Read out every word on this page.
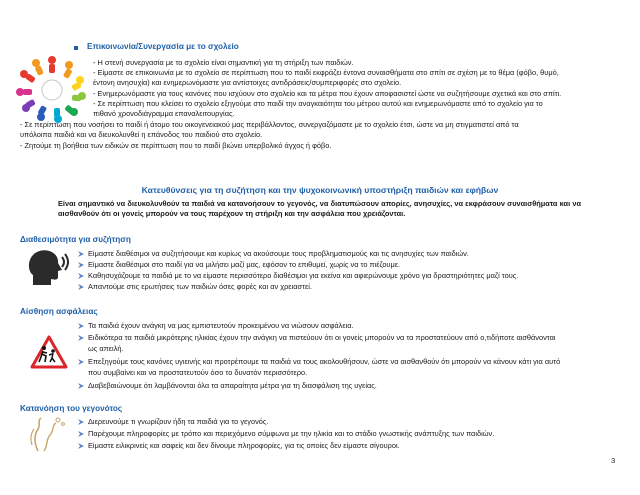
Επικοινωνία/Συνεργασία με το σχολείο
- Η στενή συνεργασία με το σχολείο είναι σημαντική για τη στήριξη των παιδιών.
- Είμαστε σε επικοινωνία με το σχολείο σε περίπτωση που το παιδί εκφράζει έντονα συναισθήματα στο σπίτι σε σχέση με το θέμα (φόβο, θυμό,
έντονη ανησυχία) και ενημερωνόμαστε για αντίστοιχες αντιδράσεις/συμπεριφορές στο σχολείο.
- Ενημερωνόμαστε για τους κανόνες που ισχύουν στο σχολείο και τα μέτρα που έχουν αποφασιστεί ώστε να συζητήσουμε σχετικά και στο σπίτι.
- Σε περίπτωση που κλείσει το σχολείο εξηγούμε στο παιδί την αναγκαιότητα του μέτρου αυτού και ενημερωνόμαστε από το σχολείο για το
πιθανό χρονοδιάγραμμα επαναλειτουργίας.
- Σε περίπτωση που νοσήσει το παιδί ή άτομο του οικογενειακού μας περιβάλλοντος, συνεργαζόμαστε με το σχολείο έτσι, ώστε να μη στιγματιστεί από τα
υπόλοιπα παιδιά και να διευκολυνθεί η επάνοδος του παιδιού στο σχολείο.
- Ζητούμε τη βοήθεια των ειδικών σε περίπτωση που το παιδί βιώνει υπερβολικό άγχος ή φόβο.
Κατευθύνσεις για τη συζήτηση και την ψυχοκοινωνική υποστήριξη παιδιών και εφήβων
Είναι σημαντικό να διευκολυνθούν τα παιδιά να κατανοήσουν το γεγονός, να διατυπώσουν απορίες, ανησυχίες, να εκφράσουν συναισθήματα και να αισθανθούν ότι οι γονείς μπορούν να τους παρέχουν τη στήριξη και την ασφάλεια που χρειάζονται.
Διαθεσιμότητα για συζήτηση
Είμαστε διαθέσιμοι να συζητήσουμε και κυρίως να ακούσουμε τους προβληματισμούς και τις ανησυχίες των παιδιών.
Είμαστε διαθέσιμοι στο παιδί για να μιλήσει μαζί μας, εφόσον το επιθυμεί, χωρίς να το πιέζουμε.
Καθησυχάζουμε τα παιδιά με το να είμαστε περισσότερο διαθέσιμοι για εκείνα και αφιερώνουμε χρόνο για δραστηριότητες μαζί τους.
Απαντούμε στις ερωτήσεις των παιδιών όσες φορές και αν χρειαστεί.
Αίσθηση ασφάλειας
Τα παιδιά έχουν ανάγκη να μας εμπιστευτούν προκειμένου να νιώσουν ασφάλεια.
Ειδικότερα τα παιδιά μικρότερης ηλικίας έχουν την ανάγκη να πιστεύουν ότι οι γονείς μπορούν να τα προστατεύουν από ο,τιδήποτε αισθάνονται
ως απειλή.
Επεξηγούμε τους κανόνες υγιεινής και προτρέπουμε τα παιδιά να τους ακολουθήσουν, ώστε να αισθανθούν ότι μπορούν να κάνουν κάτι για αυτό
που συμβαίνει και να προστατευτούν όσο το δυνατόν περισσότερο.
Διαβεβαιώνουμε ότι λαμβάνονται όλα τα απαραίτητα μέτρα για τη διασφάλιση της υγείας.
Κατανόηση του γεγονότος
Διερευνούμε τι γνωρίζουν ήδη τα παιδιά για το γεγονός.
Παρέχουμε πληροφορίες με τρόπο και περιεχόμενο σύμφωνα με την ηλικία και το στάδιο γνωστικής ανάπτυξης των παιδιών.
Είμαστε ειλικρινείς και σαφείς και δεν δίνουμε πληροφορίες, για τις οποίες δεν είμαστε σίγουροι.
3
